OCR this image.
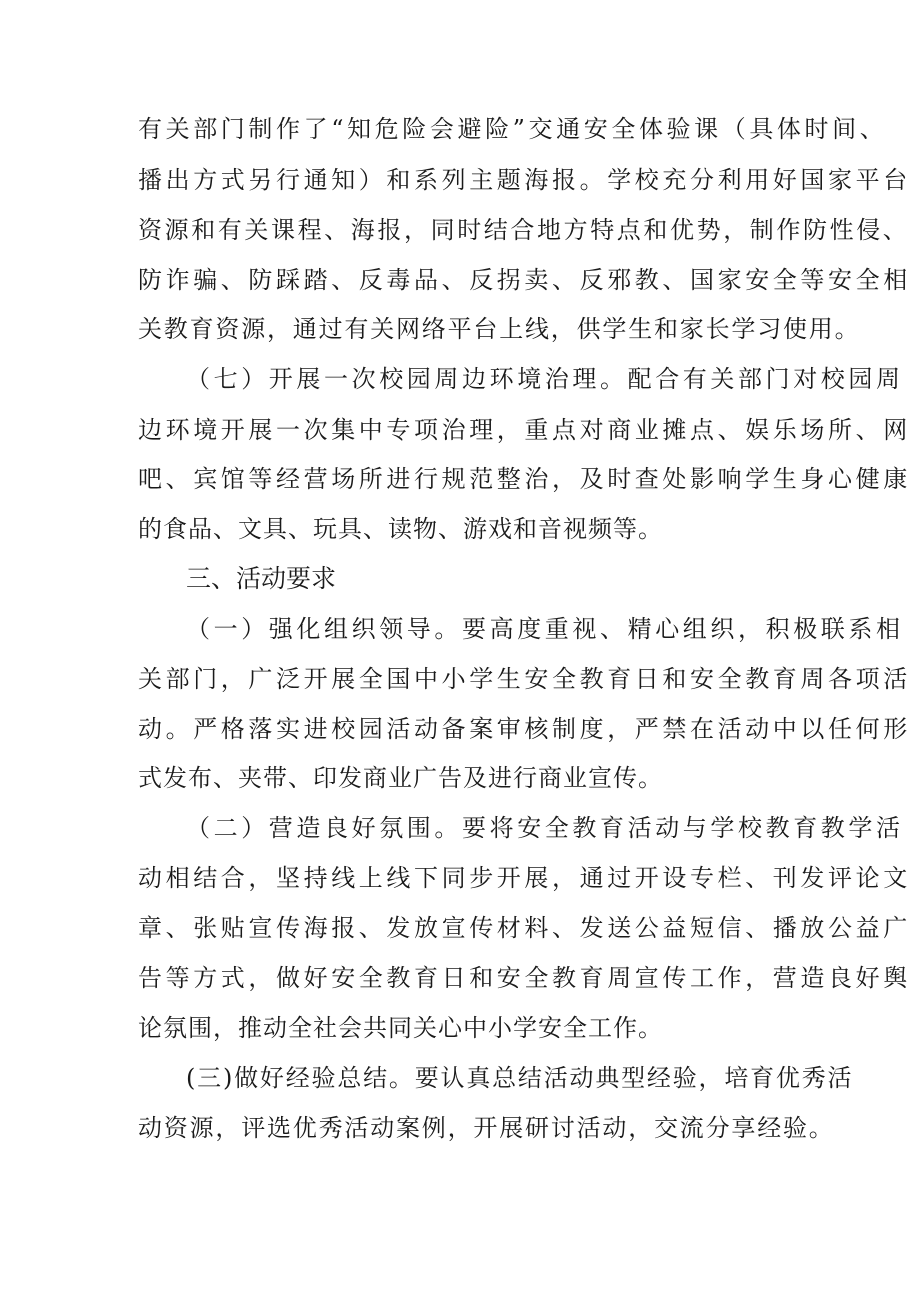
有关部门制作了“知危险会避险”交通安全体验课（具体时间、
播出方式另行通知）和系列主题海报。学校充分利用好国家平台
资源和有关课程、海报，同时结合地方特点和优势，制作防性侵、
防诈骗、防踩踏、反毒品、反拐卖、反邪教、国家安全等安全相
关教育资源，通过有关网络平台上线，供学生和家长学习使用。
（七）开展一次校园周边环境治理。配合有关部门对校园周
边环境开展一次集中专项治理，重点对商业摊点、娱乐场所、网
吧、宾馆等经营场所进行规范整治，及时查处影响学生身心健康
的食品、文具、玩具、读物、游戏和音视频等。
三、活动要求
（一）强化组织领导。要高度重视、精心组织，积极联系相
关部门，广泛开展全国中小学生安全教育日和安全教育周各项活
动。严格落实进校园活动备案审核制度，严禁在活动中以任何形
式发布、夹带、印发商业广告及进行商业宣传。
（二）营造良好氛围。要将安全教育活动与学校教育教学活
动相结合，坚持线上线下同步开展，通过开设专栏、刊发评论文
章、张贴宣传海报、发放宣传材料、发送公益短信、播放公益广
告等方式，做好安全教育日和安全教育周宣传工作，营造良好舆
论氛围，推动全社会共同关心中小学安全工作。
(三)做好经验总结。要认真总结活动典型经验，培育优秀活
动资源，评选优秀活动案例，开展研讨活动，交流分享经验。
